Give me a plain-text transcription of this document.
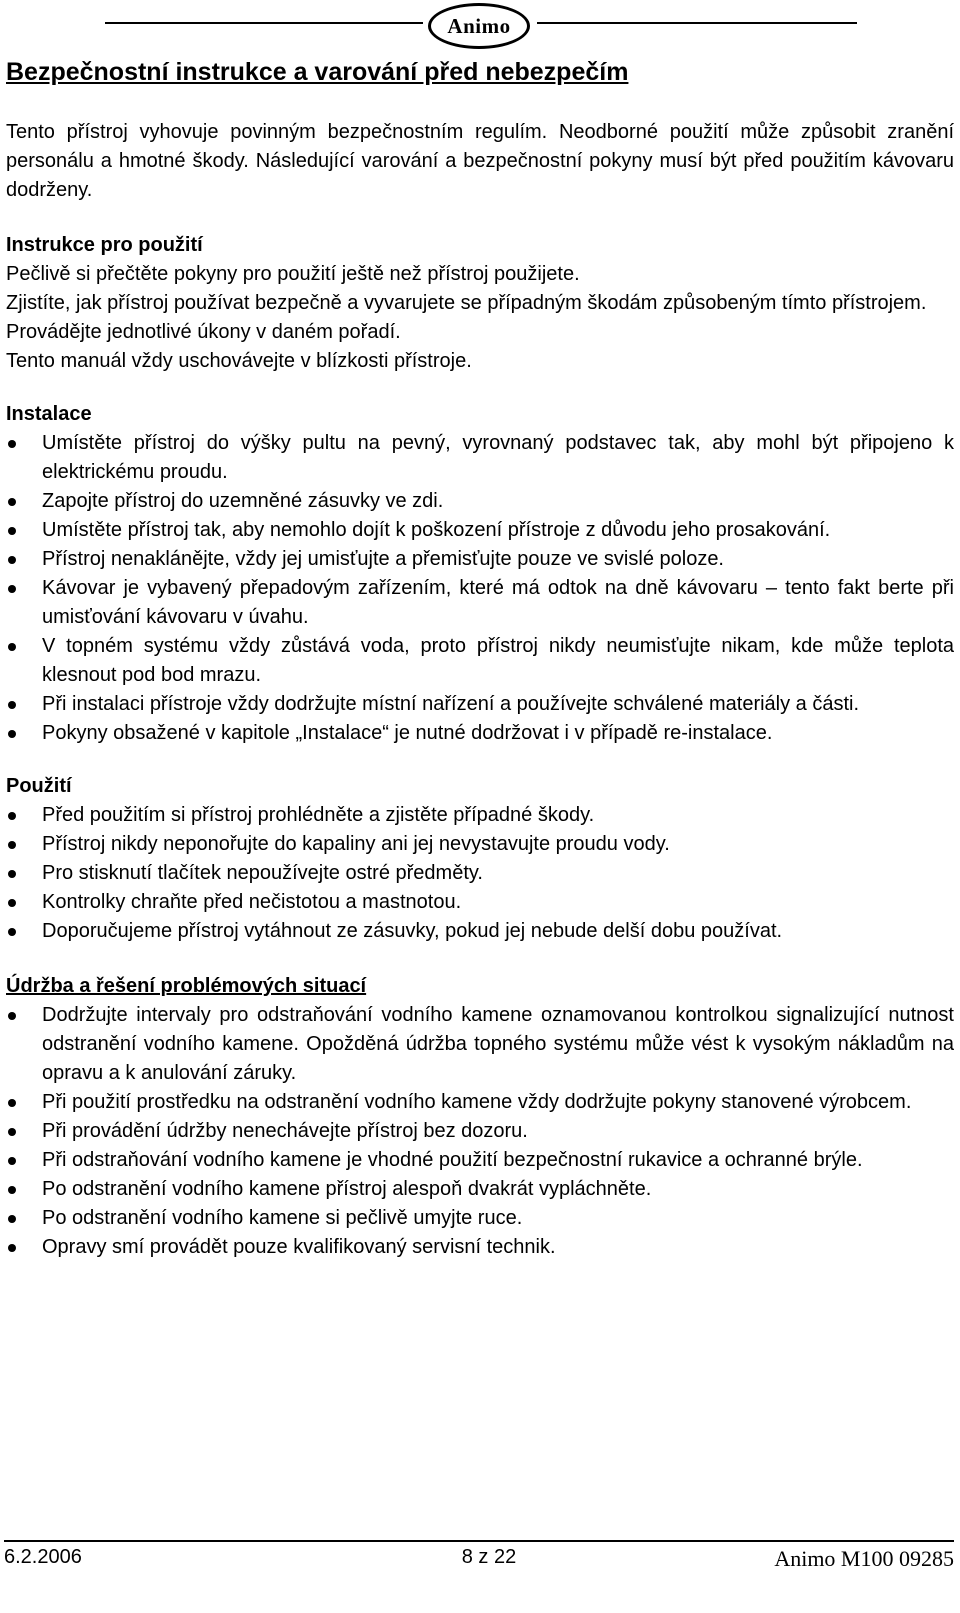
Animo
Bezpečnostní instrukce a varování před nebezpečím

Tento přístroj vyhovuje povinným bezpečnostním regulím. Neodborné použití může způsobit zranění personálu a hmotné škody. Následující varování a bezpečnostní pokyny musí být před použitím kávovaru dodrženy.

Instrukce pro použití

Pečlivě si přečtěte pokyny pro použití ještě než přístroj použijete.

Zjistíte, jak přístroj používat bezpečně a vyvarujete se případným škodám způsobeným tímto přístrojem.

Provádějte jednotlivé úkony v daném pořadí.

Tento manuál vždy uschovávejte v blízkosti přístroje.

Instalace
Umístěte přístroj do výšky pultu na pevný, vyrovnaný podstavec tak, aby mohl být připojeno k elektrickému proudu.
Zapojte přístroj do uzemněné zásuvky ve zdi.
Umístěte přístroj tak, aby nemohlo dojít k poškození přístroje z důvodu jeho prosakování.
Přístroj nenaklánějte, vždy jej umisťujte a přemisťujte pouze ve svislé poloze.
Kávovar je vybavený přepadovým zařízením, které má odtok na dně kávovaru – tento fakt berte při umisťování kávovaru v úvahu.
V topném systému vždy zůstává voda, proto přístroj nikdy neumisťujte nikam, kde může teplota klesnout pod bod mrazu.
Při instalaci přístroje vždy dodržujte místní nařízení a používejte schválené materiály a části.
Pokyny obsažené v kapitole „Instalace“ je nutné dodržovat i v případě re-instalace.
Použití
Před použitím si přístroj prohlédněte a zjistěte případné škody.
Přístroj nikdy neponořujte do kapaliny ani jej nevystavujte proudu vody.
Pro stisknutí tlačítek nepoužívejte ostré předměty.
Kontrolky chraňte před nečistotou a mastnotou.
Doporučujeme přístroj vytáhnout ze zásuvky, pokud jej nebude delší dobu používat.
Údržba a řešení problémových situací
Dodržujte intervaly pro odstraňování vodního kamene oznamovanou kontrolkou signalizující nutnost odstranění vodního kamene. Opožděná údržba topného systému může vést k vysokým nákladům na opravu a k anulování záruky.
Při použití prostředku na odstranění vodního kamene vždy dodržujte pokyny stanovené výrobcem.
Při provádění údržby nenechávejte přístroj bez dozoru.
Při odstraňování vodního kamene je vhodné použití bezpečnostní rukavice a ochranné brýle.
Po odstranění vodního kamene přístroj alespoň dvakrát vypláchněte.
Po odstranění vodního kamene si pečlivě umyjte ruce.
Opravy smí provádět pouze kvalifikovaný servisní technik.
6.2.2006	8 z 22	Animo M100 09285
